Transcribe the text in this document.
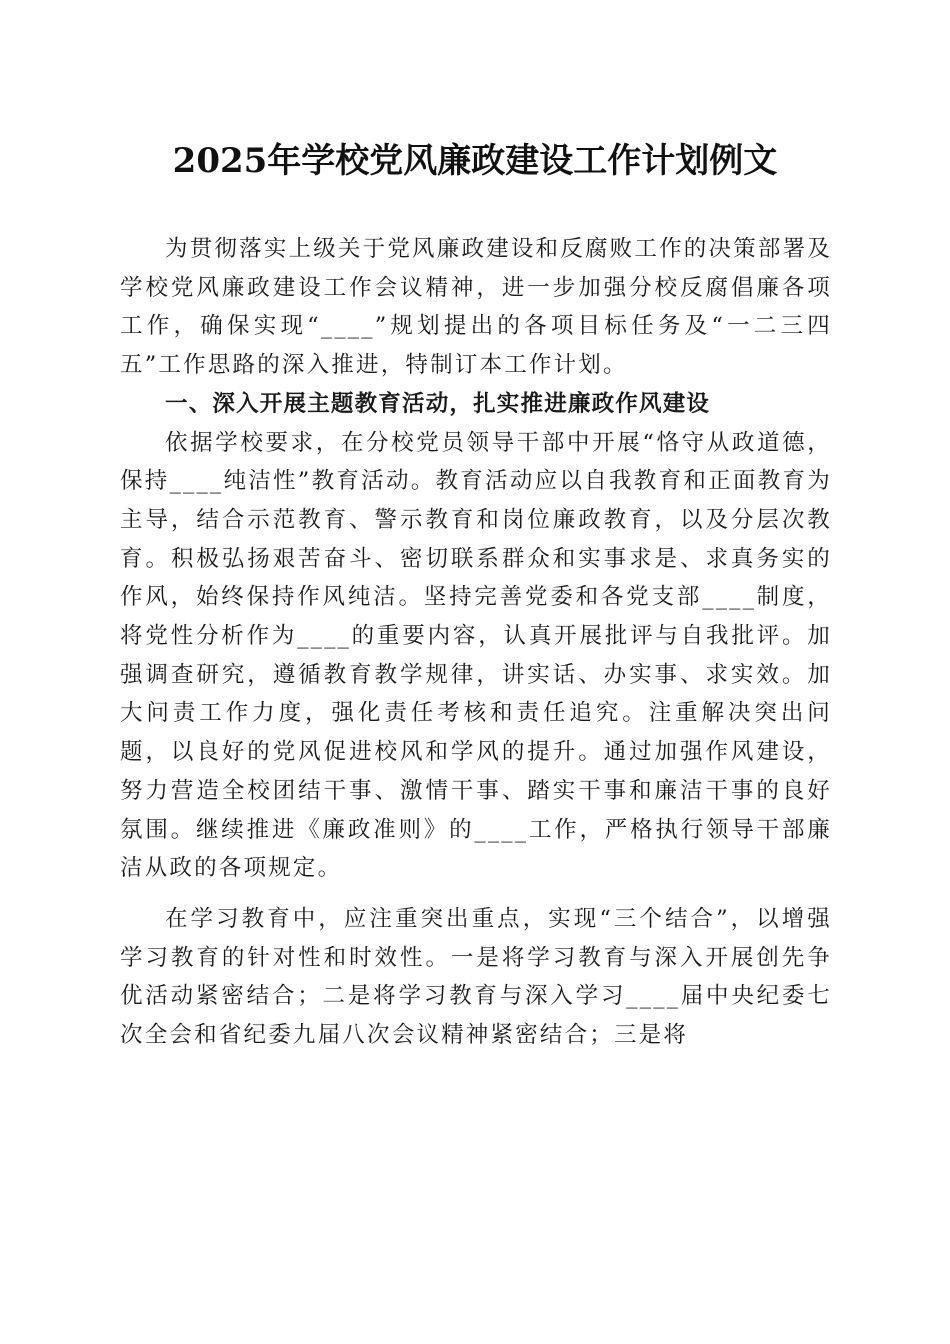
2025年学校党风廉政建设工作计划例文

为贯彻落实上级关于党风廉政建设和反腐败工作的决策部署及学校党风廉政建设工作会议精神，进一步加强分校反腐倡廉各项工作，确保实现“____”规划提出的各项目标任务及“一二三四五”工作思路的深入推进，特制订本工作计划。

一、深入开展主题教育活动，扎实推进廉政作风建设

依据学校要求，在分校党员领导干部中开展“恪守从政道德，保持____纯洁性”教育活动。教育活动应以自我教育和正面教育为主导，结合示范教育、警示教育和岗位廉政教育，以及分层次教育。积极弘扬艰苦奋斗、密切联系群众和实事求是、求真务实的作风，始终保持作风纯洁。坚持完善党委和各党支部____制度，将党性分析作为____的重要内容，认真开展批评与自我批评。加强调查研究，遵循教育教学规律，讲实话、办实事、求实效。加大问责工作力度，强化责任考核和责任追究。注重解决突出问题，以良好的党风促进校风和学风的提升。通过加强作风建设，努力营造全校团结干事、激情干事、踏实干事和廉洁干事的良好氛围。继续推进《廉政准则》的____工作，严格执行领导干部廉洁从政的各项规定。

在学习教育中，应注重突出重点，实现“三个结合”，以增强学习教育的针对性和时效性。一是将学习教育与深入开展创先争优活动紧密结合；二是将学习教育与深入学习____届中央纪委七次全会和省纪委九届八次会议精神紧密结合；三是将
